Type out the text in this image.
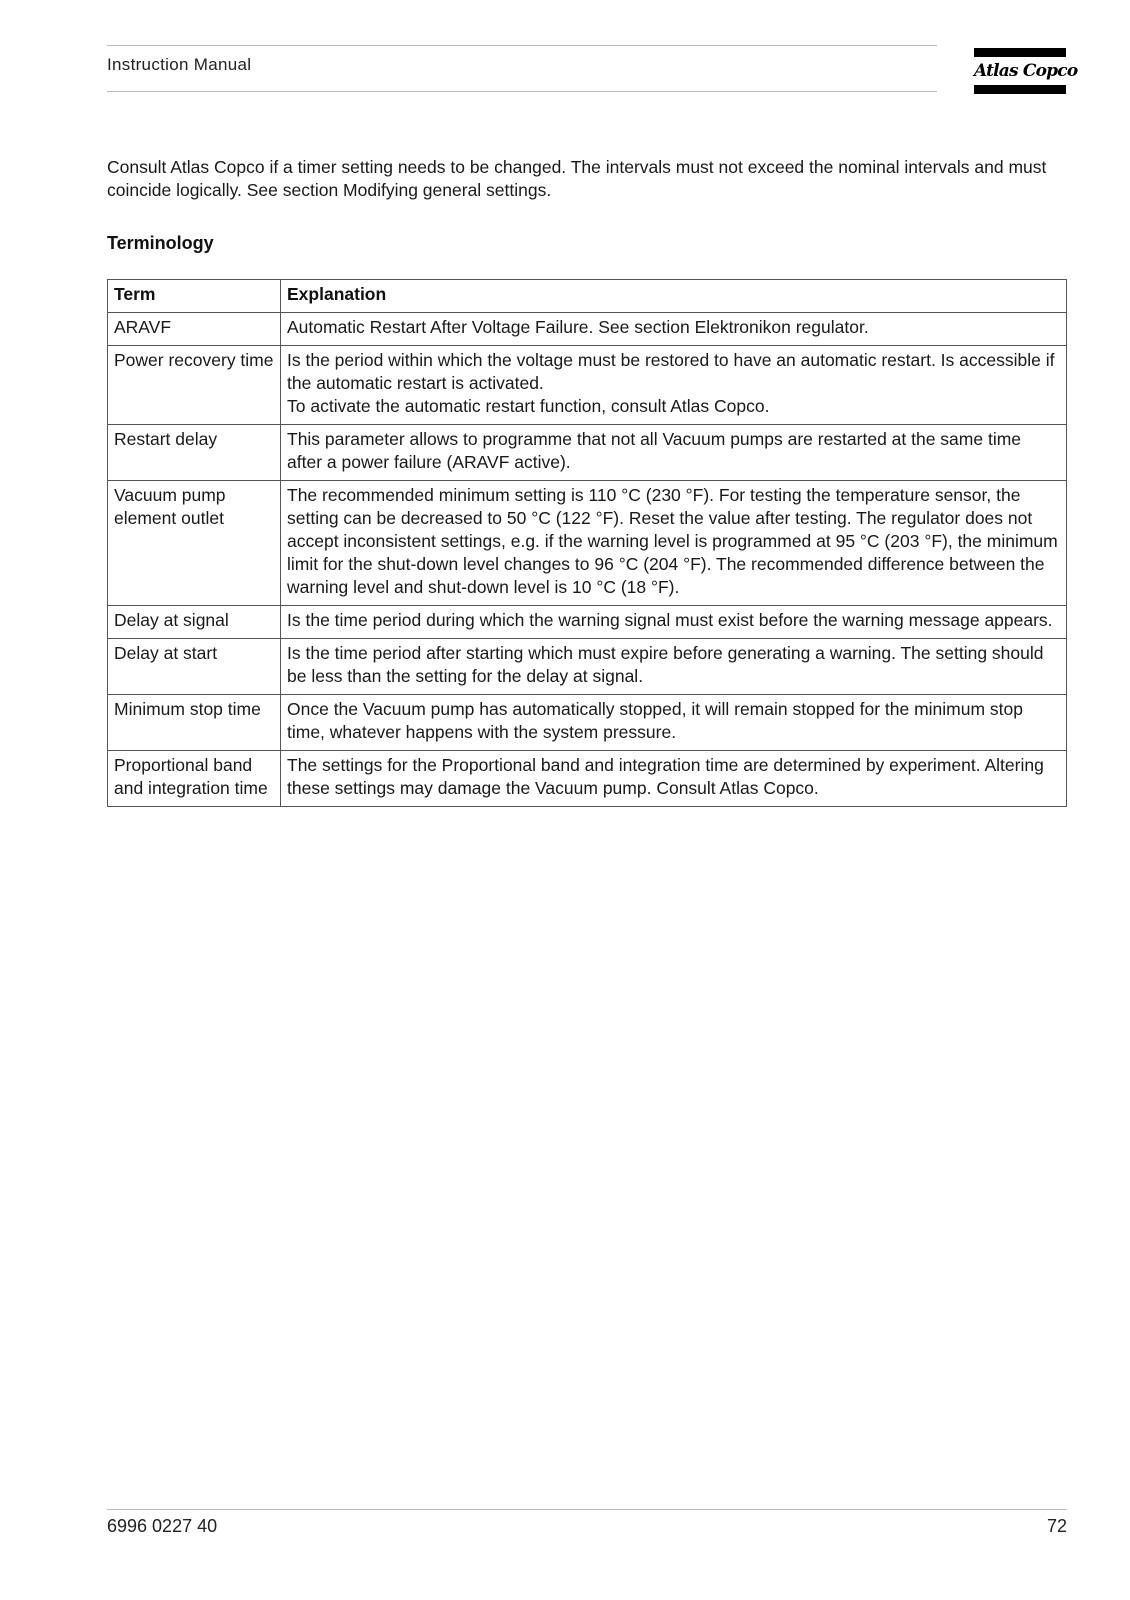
Instruction Manual	Atlas Copco

Consult Atlas Copco if a timer setting needs to be changed. The intervals must not exceed the nominal intervals and must coincide logically. See section Modifying general settings.

Terminology
Term	Explanation
ARAVF	Automatic Restart After Voltage Failure. See section Elektronikon regulator.

Power recovery time	Is the period within which the voltage must be restored to have an automatic restart. Is accessible if the automatic restart is activated.
To activate the automatic restart function, consult Atlas Copco.

Restart delay	This parameter allows to programme that not all Vacuum pumps are restarted at the same time after a power failure (ARAVF active).

Vacuum pump element outlet	The recommended minimum setting is 110 °C (230 °F). For testing the temperature sensor, the setting can be decreased to 50 °C (122 °F). Reset the value after testing. The regulator does not accept inconsistent settings, e.g. if the warning level is programmed at 95 °C (203 °F), the minimum limit for the shut-down level changes to 96 °C (204 °F). The recommended difference between the warning level and shut-down level is 10 °C (18 °F).

Delay at signal	Is the time period during which the warning signal must exist before the warning message appears.

Delay at start	Is the time period after starting which must expire before generating a warning. The setting should be less than the setting for the delay at signal.

Minimum stop time	Once the Vacuum pump has automatically stopped, it will remain stopped for the minimum stop time, whatever happens with the system pressure.

Proportional band and integration time	The settings for the Proportional band and integration time are determined by experiment. Altering these settings may damage the Vacuum pump. Consult Atlas Copco.
6996 0227 40	72
